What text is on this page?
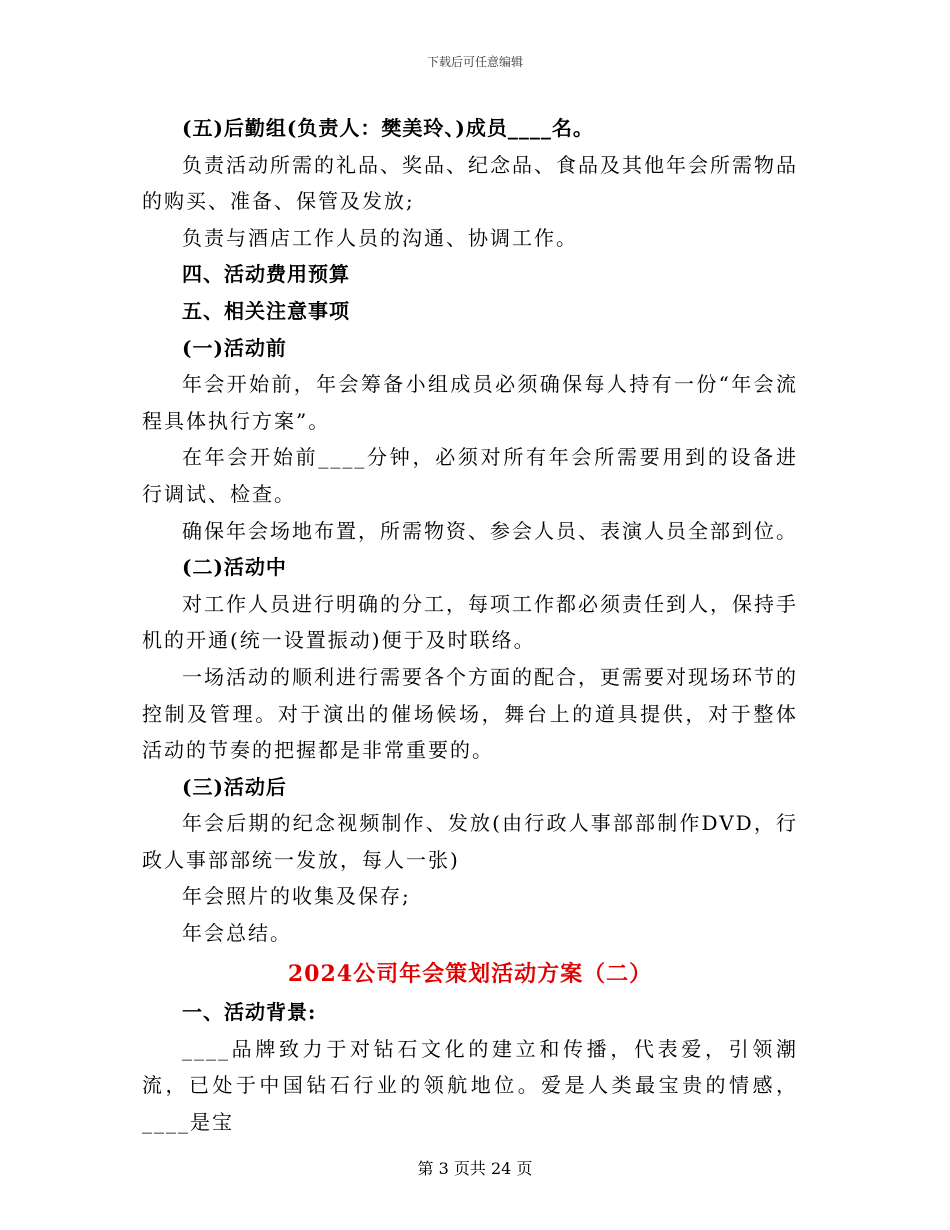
下载后可任意编辑

(五)后勤组(负责人：樊美玲、)成员____名。

负责活动所需的礼品、奖品、纪念品、食品及其他年会所需物品的购买、准备、保管及发放;

负责与酒店工作人员的沟通、协调工作。

四、活动费用预算

五、相关注意事项

(一)活动前

年会开始前，年会筹备小组成员必须确保每人持有一份“年会流程具体执行方案”。

在年会开始前____分钟，必须对所有年会所需要用到的设备进行调试、检查。

确保年会场地布置，所需物资、参会人员、表演人员全部到位。

(二)活动中

对工作人员进行明确的分工，每项工作都必须责任到人，保持手机的开通(统一设置振动)便于及时联络。

一场活动的顺利进行需要各个方面的配合，更需要对现场环节的控制及管理。对于演出的催场候场，舞台上的道具提供，对于整体活动的节奏的把握都是非常重要的。

(三)活动后

年会后期的纪念视频制作、发放(由行政人事部部制作DVD，行政人事部部统一发放，每人一张)

年会照片的收集及保存;

年会总结。

2024公司年会策划活动方案（二）

一、活动背景:

____品牌致力于对钻石文化的建立和传播，代表爱，引领潮流，已处于中国钻石行业的领航地位。爱是人类最宝贵的情感，____是宝

第 3 页共 24 页
